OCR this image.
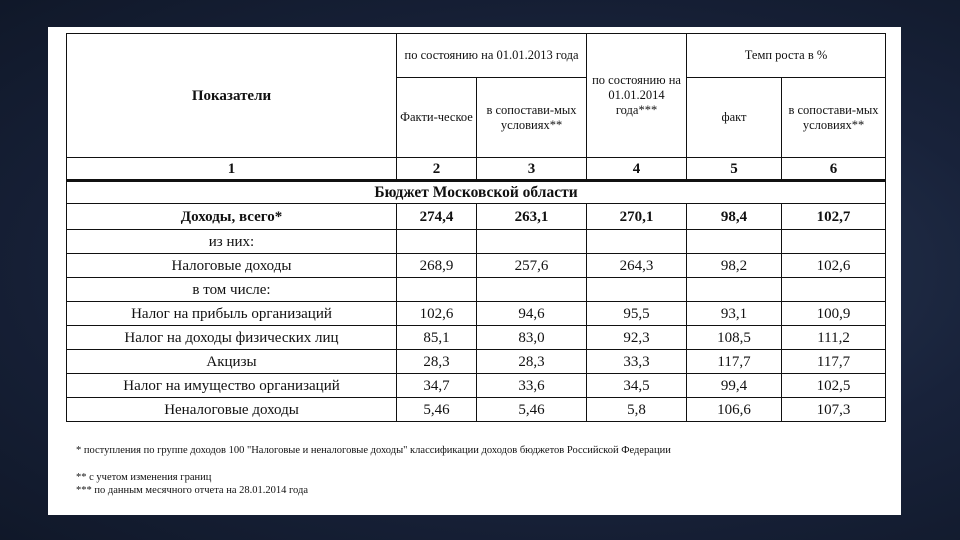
Показатели	по состоянию на 01.01.2013 года		по состоянию на 01.01.2014 года***	Темп роста в %	
	Факти-ческое	в сопостави-мых условиях**		факт	в сопостави-мых условиях**
1	2	3	4	5	6
Бюджет Московской области					
Доходы, всего*	274,4	263,1	270,1	98,4	102,7
из них:					
Налоговые доходы	268,9	257,6	264,3	98,2	102,6
в том числе:					
Налог на прибыль организаций	102,6	94,6	95,5	93,1	100,9
Налог на доходы физических лиц	85,1	83,0	92,3	108,5	111,2
Акцизы	28,3	28,3	33,3	117,7	117,7
Налог на имущество организаций	34,7	33,6	34,5	99,4	102,5
Неналоговые доходы	5,46	5,46	5,8	106,6	107,3
* поступления по группе доходов 100 "Налоговые и неналоговые доходы" классификации доходов бюджетов Российской Федерации
** с учетом изменения границ
*** по данным месячного отчета на 28.01.2014 года
